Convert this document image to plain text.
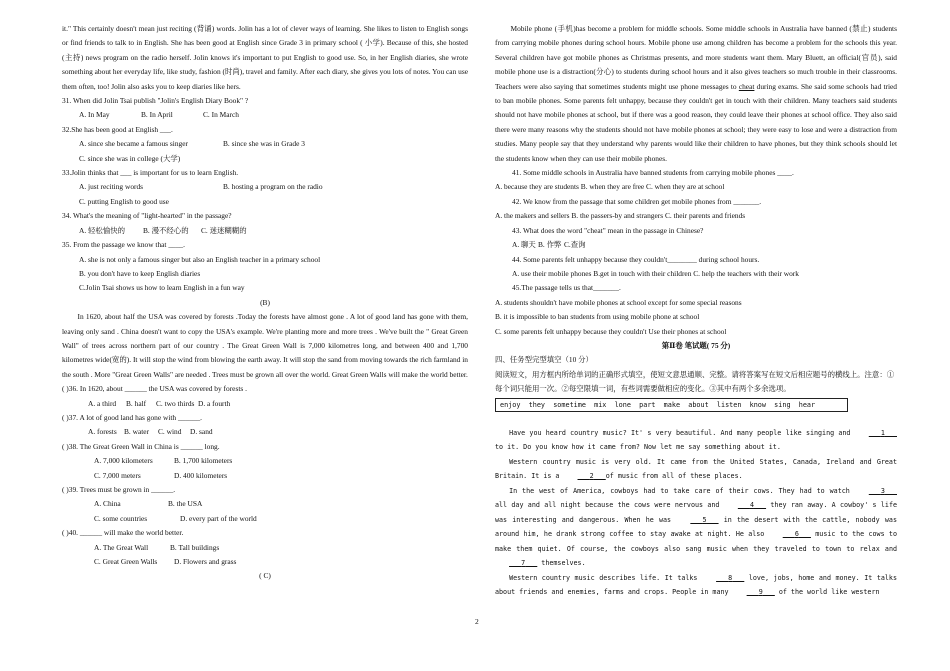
it." This certainly doesn't mean just reciting (背诵) words. Jolin has a lot of clever ways of learning. She likes to listen to English songs or find friends to talk to in English. She has been good at English since Grade 3 in primary school ( 小学). Because of this, she hosted (主持) news program on the radio herself. Jolin knows it's important to put English to good use. So, in her English diaries, she wrote something about her everyday life, like study, fashion (时尚), travel and family. After each diary, she gives you lots of notes. You can use them often, too! Jolin also asks you to keep diaries like hers.
31. When did Jolin Tsai publish "Jolin's English Diary Book" ?
A. In May	B. In April	C. In March
32.She has been good at English ___.
A. since she became a famous singer	B. since she was in Grade 3
C. since she was in college (大学)
33.Jolin thinks that ___ is important for us to learn English.
A. just reciting words	B. hosting a program on the radio
C. putting English to good use
34. What's the meaning of "light-hearted" in the passage?
A. 轻松愉快的 B. 漫不经心的 C. 迷迷糊糊的
35. From the passage we know that ____.
A. she is not only a famous singer but also an English teacher in a primary school
B. you don't have to keep English diaries
C.Jolin Tsai shows us how to learn English in a fun way
(B)
In 1620, about half the USA was covered by forests .Today the forests have almost gone . A lot of good land has gone with them, leaving only sand . China doesn't want to copy the USA's example. We're planting more and more trees . We've built the " Great Green Wall" of trees across northern part of our country . The Great Green Wall is 7,000 kilometres long, and between 400 and 1,700 kilometres wide(宽的). It will stop the wind from blowing the earth away. It will stop the sand from moving towards the rich farmland in the south . More "Great Green Walls" are needed . Trees must be grown all over the world. Great Green Walls will make the world better.
( )36. In 1620, about ______ the USA was covered by forests .
A. a third B. half C. two thirds D. a fourth
( )37. A lot of good land has gone with ______.
A. forests B. water C. wind D. sand
( )38. The Great Green Wall in China is ______ long.
A. 7,000 kilometers	B. 1,700 kilometers
C. 7,000 meters	D. 400 kilometers
( )39. Trees must be grown in ______.
A. China	B. the USA
C. some countries	D. every part of the world
( )40. ______ will make the world better.
A. The Great Wall	B. Tall buildings
C. Great Green Walls D. Flowers and grass
( C)
Mobile phone (手机)has become a problem for middle schools. Some middle schools in Australia have banned (禁止) students from carrying mobile phones during school hours. Mobile phone use among children has become a problem for the schools this year. Several children have got mobile phones as Christmas presents, and more students want them. Mary Bluett, an official(官员), said mobile phone use is a distraction(分心) to students during school hours and it also gives teachers so much trouble in their classrooms. Teachers were also saying that sometimes students might use phone messages to cheat during exams. She said some schools had tried to ban mobile phones. Some parents felt unhappy, because they couldn't get in touch with their children. Many teachers said students should not have mobile phones at school, but if there was a good reason, they could leave their phones at school office. They also said there were many reasons why the students should not have mobile phones at school; they were easy to lose and were a distraction from studies. Many people say that they understand why parents would like their children to have phones, but they think schools should let the students know when they can use their mobile phones.
41. Some middle schools in Australia have banned students from carrying mobile phones ____.
A. because they are students B. when they are free C. when they are at school
42. We know from the passage that some children get mobile phones from _______.
A. the makers and sellers B. the passers-by and strangers C. their parents and friends
43. What does the word "cheat" mean in the passage in Chinese?
A. 聊天 B. 作弊 C.查询
44. Some parents felt unhappy because they couldn't________ during school hours.
A. use their mobile phones B.get in touch with their children C. help the teachers with their work
45.The passage tells us that_______.
A. students shouldn't have mobile phones at school except for some special reasons
B. it is impossible to ban students from using mobile phone at school
C. some parents felt unhappy because they couldn't Use their phones at school
第Ⅱ卷 笔试题( 75 分)
四、任务型完型填空（10 分）
阅读短文，用方框内所给单词的正确形式填空，使短文意思通顺、完整。请将答案写在短文后相应题号的横线上。注意：①每个词只能用一次。②每空限填一词，有些词需要做相应的变化。③其中有两个多余选项。
enjoy  they  sometime  mix  lone  part  make  about  listen  know  sing  hear
Have you heard country music? It' s very beautiful. And many people like singing and	1   to it. Do you know how it came from? Now let me say something about it.
Western country music is very old. It came from the United States, Canada, Ireland and Great Britain. It is a	2 of music from all of these places.
In the west of America, cowboys had to take care of their cows. They had to watch	3    all day and all night because the cows were nervous and	4    they ran away. A cowboy' s life was interesting and dangerous. When he was	5    in the desert with the cattle, nobody was around him, he drank strong coffee to stay awake at night. He also	6    music to the cows to make them quiet. Of course, the cowboys also sang music when they traveled to town to relax and    7    themselves.
Western country music describes life. It talks	8    love, jobs, home and money. It talks about friends and enemies, farms and crops. People in many	9    of the world like western
2
